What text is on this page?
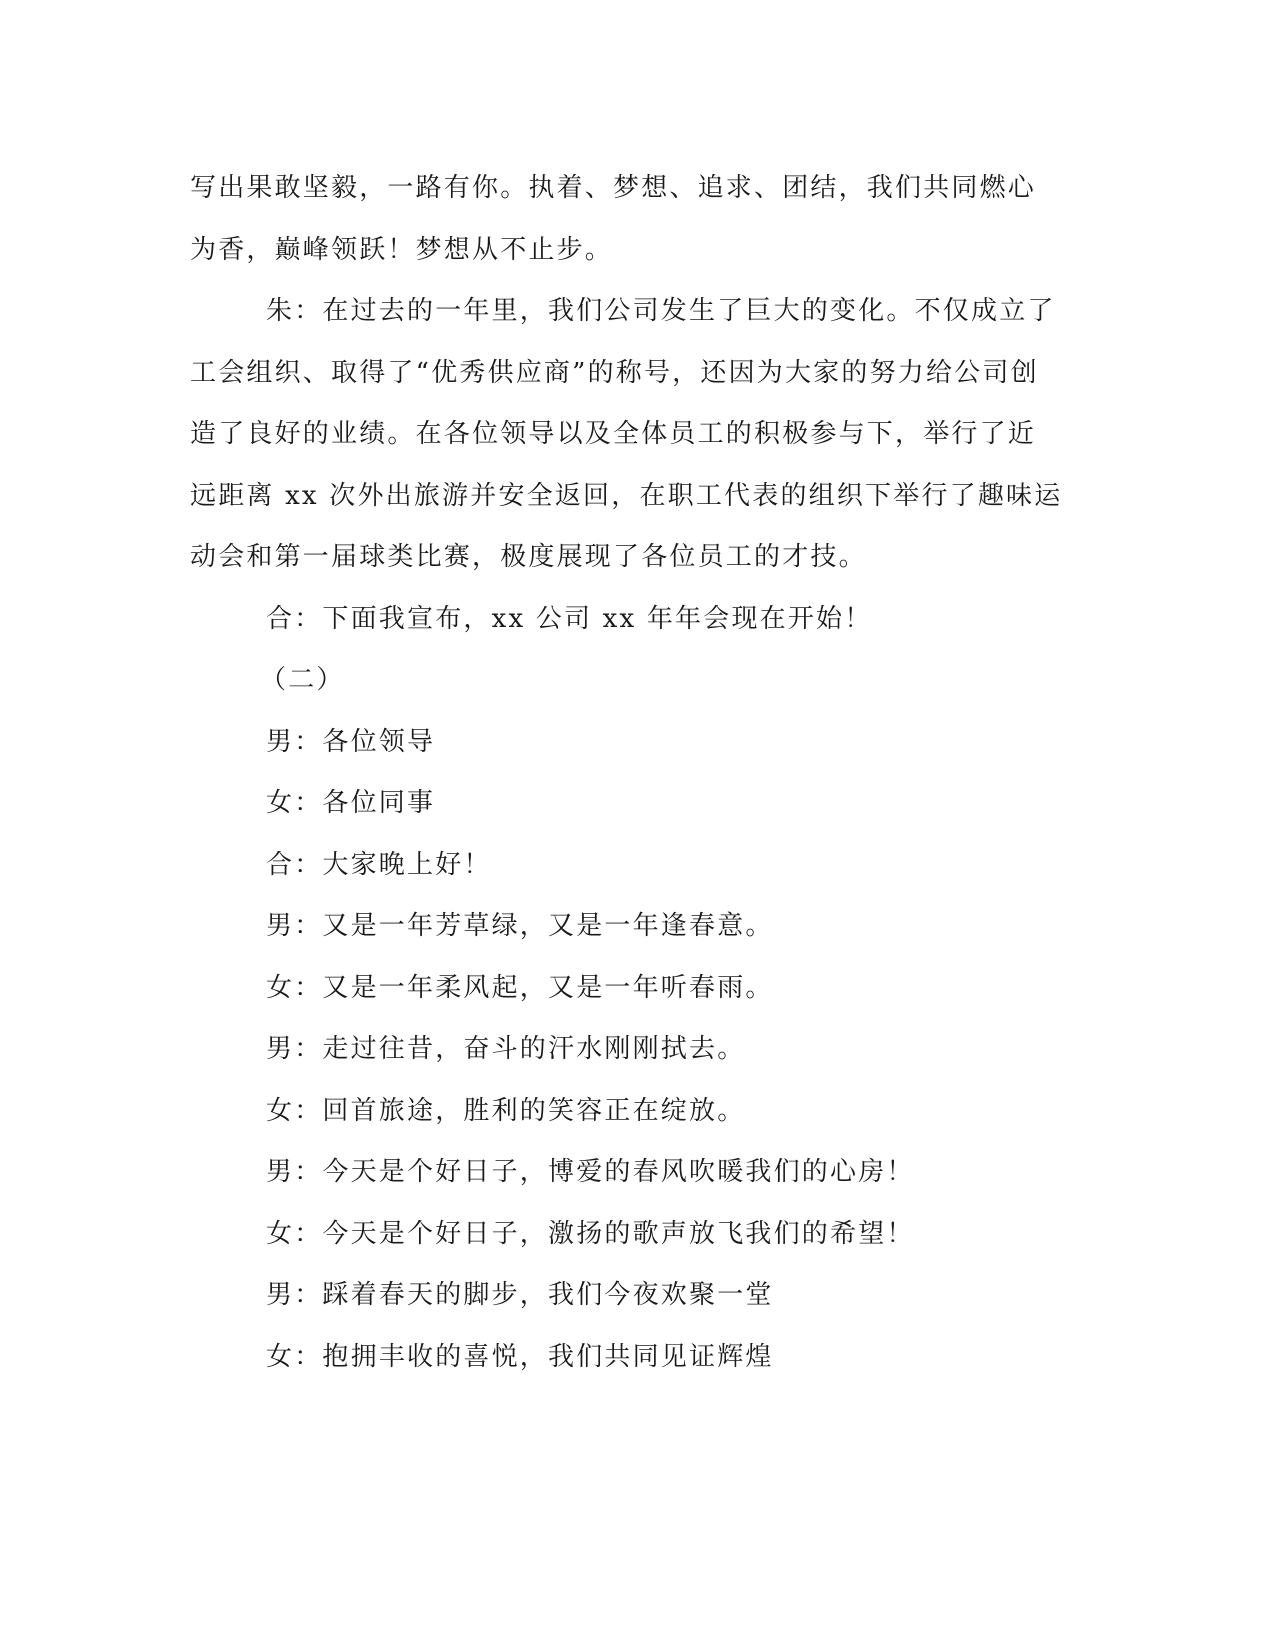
写出果敢坚毅，一路有你。执着、梦想、追求、团结，我们共同燃心
为香，巅峰领跃！梦想从不止步。

朱：在过去的一年里，我们公司发生了巨大的变化。不仅成立了
工会组织、取得了“优秀供应商”的称号，还因为大家的努力给公司创
造了良好的业绩。在各位领导以及全体员工的积极参与下，举行了近
远距离 xx 次外出旅游并安全返回，在职工代表的组织下举行了趣味运
动会和第一届球类比赛，极度展现了各位员工的才技。

合：下面我宣布，xx 公司 xx 年年会现在开始！

（二）

男：各位领导

女：各位同事

合：大家晚上好！

男：又是一年芳草绿，又是一年逢春意。

女：又是一年柔风起，又是一年听春雨。

男：走过往昔，奋斗的汗水刚刚拭去。

女：回首旅途，胜利的笑容正在绽放。

男：今天是个好日子，博爱的春风吹暖我们的心房！

女：今天是个好日子，激扬的歌声放飞我们的希望！

男：踩着春天的脚步，我们今夜欢聚一堂

女：抱拥丰收的喜悦，我们共同见证辉煌
